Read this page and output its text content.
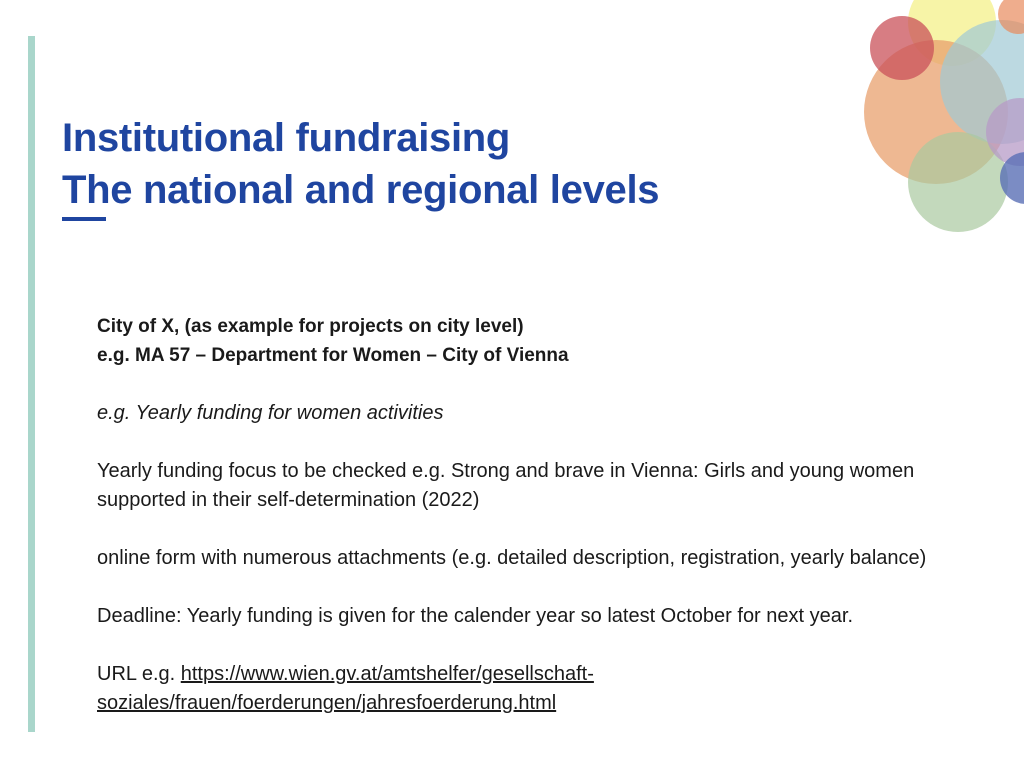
Institutional fundraising
The national and regional levels

City of X, (as example for projects on city level)

e.g. MA 57 – Department for Women – City of Vienna

e.g. Yearly funding for women activities

Yearly funding focus to be checked e.g. Strong and brave in Vienna: Girls and young women supported in their self-determination (2022)

online form with numerous attachments (e.g. detailed description, registration, yearly balance)

Deadline: Yearly funding is given for the calender year so latest October for next year.

URL e.g. https://www.wien.gv.at/amtshelfer/gesellschaft-soziales/frauen/foerderungen/jahresfoerderung.html
